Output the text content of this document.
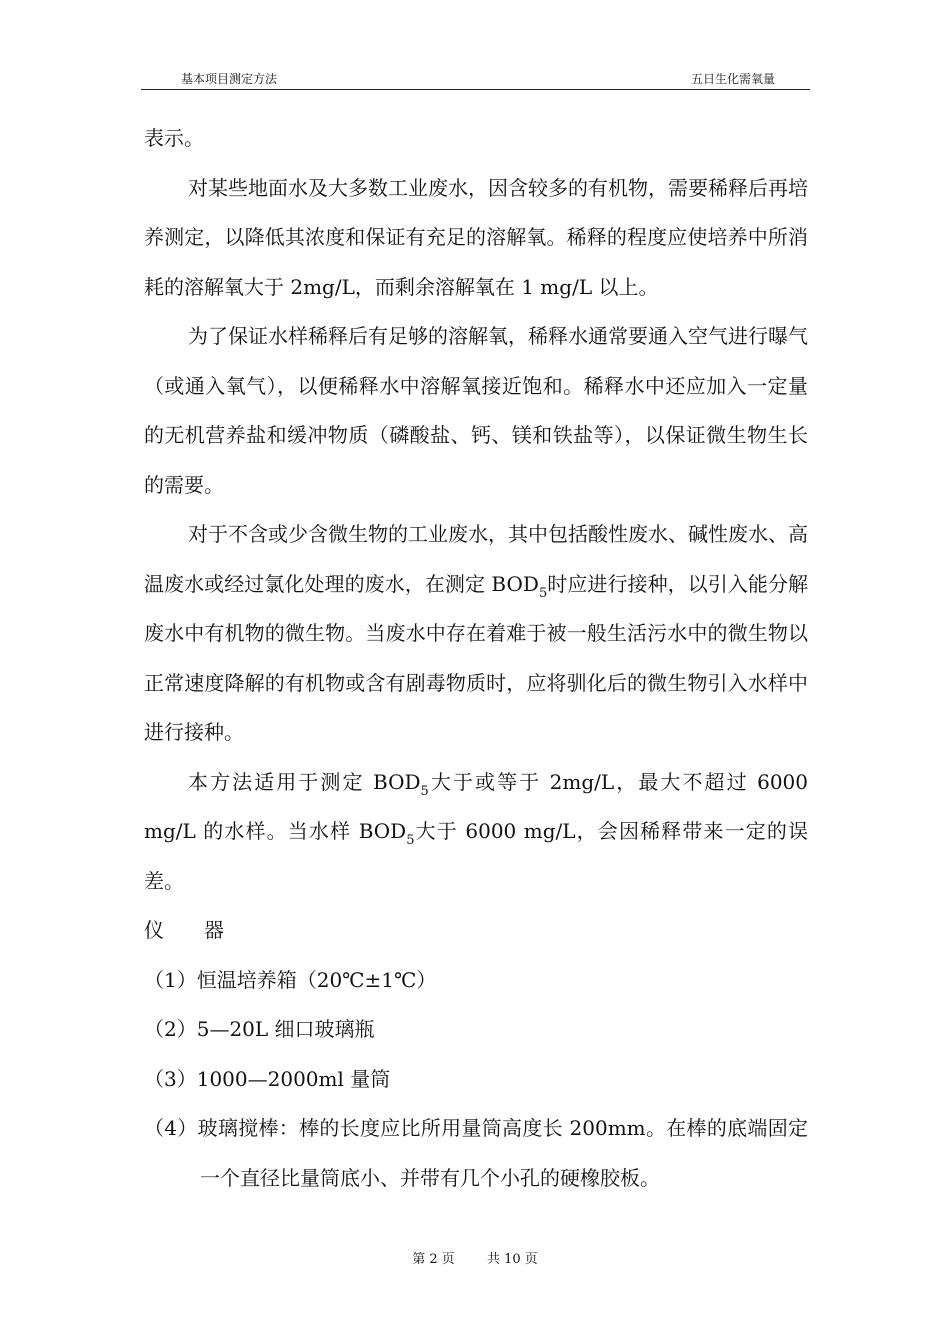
基本项目测定方法	五日生化需氧量

表示。

对某些地面水及大多数工业废水，因含较多的有机物，需要稀释后再培养测定，以降低其浓度和保证有充足的溶解氧。稀释的程度应使培养中所消耗的溶解氧大于 2mg/L，而剩余溶解氧在 1 mg/L 以上。

为了保证水样稀释后有足够的溶解氧，稀释水通常要通入空气进行曝气（或通入氧气），以便稀释水中溶解氧接近饱和。稀释水中还应加入一定量的无机营养盐和缓冲物质（磷酸盐、钙、镁和铁盐等），以保证微生物生长的需要。

对于不含或少含微生物的工业废水，其中包括酸性废水、碱性废水、高温废水或经过氯化处理的废水，在测定 $BOD_5$时应进行接种，以引入能分解废水中有机物的微生物。当废水中存在着难于被一般生活污水中的微生物以正常速度降解的有机物或含有剧毒物质时，应将驯化后的微生物引入水样中进行接种。

本方法适用于测定 $BOD_5$大于或等于 2mg/L，最大不超过 6000 mg/L 的水样。当水样 $BOD_5$大于 6000 mg/L，会因稀释带来一定的误差。

仪 器

（1）恒温培养箱（20℃±1℃）

（2）5—20L 细口玻璃瓶

（3）1000—2000ml 量筒

（4）玻璃搅棒：棒的长度应比所用量筒高度长 200mm。在棒的底端固定一个直径比量筒底小、并带有几个小孔的硬橡胶板。

第 2 页 共 10 页
